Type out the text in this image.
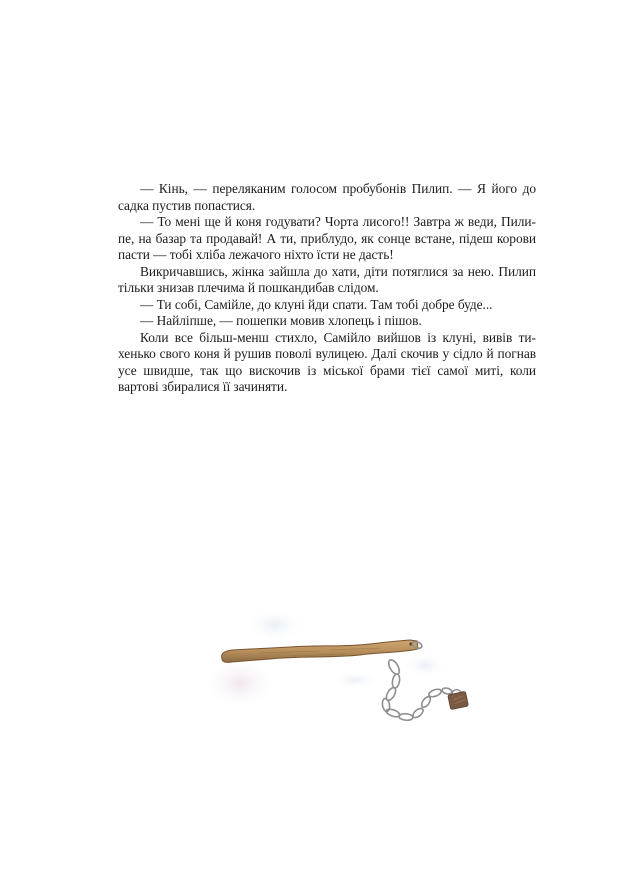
— Кінь, — переляканим голосом пробубонів Пилип. — Я його до садка пустив попастися.

— То мені ще й коня годувати? Чорта лисого!! Завтра ж веди, Пилипе, на базар та продавай! А ти, приблудо, як сонце встане, підеш корови пасти — тобі хліба лежачого ніхто їсти не дасть!

Викричавшись, жінка зайшла до хати, діти потяглися за нею. Пилип тільки знизав плечима й пошкандибав слідом.

— Ти собі, Самійле, до клуні йди спати. Там тобі добре буде...

— Найліпше, — пошепки мовив хлопець і пішов.

Коли все більш-менш стихло, Самійло вийшов із клуні, вивів тихенько свого коня й рушив поволі вулицею. Далі скочив у сідло й погнав усе швидше, так що вискочив із міської брами тієї самої миті, коли вартові збиралися її зачиняти.
